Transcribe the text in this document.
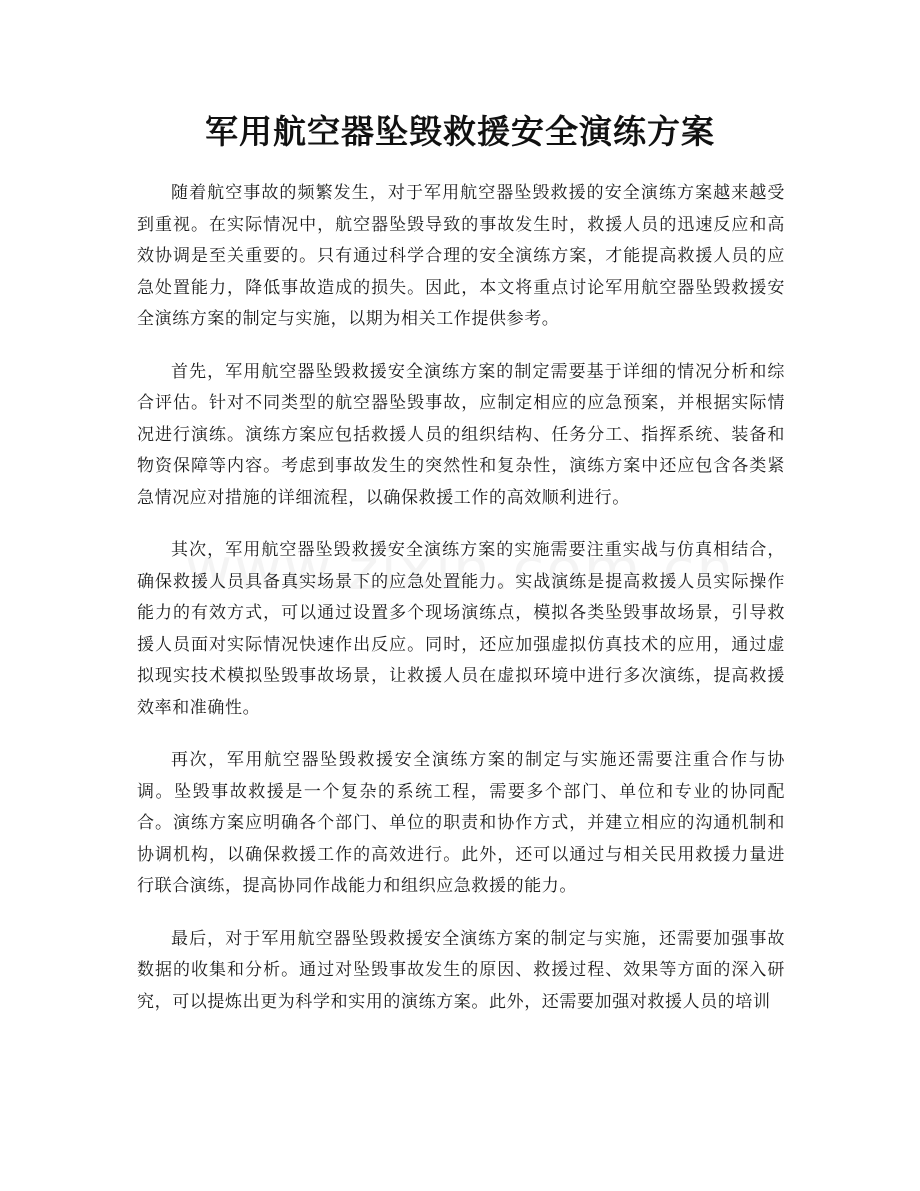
军用航空器坠毁救援安全演练方案

随着航空事故的频繁发生，对于军用航空器坠毁救援的安全演练方案越来越受到重视。在实际情况中，航空器坠毁导致的事故发生时，救援人员的迅速反应和高效协调是至关重要的。只有通过科学合理的安全演练方案，才能提高救援人员的应急处置能力，降低事故造成的损失。因此，本文将重点讨论军用航空器坠毁救援安全演练方案的制定与实施，以期为相关工作提供参考。

首先，军用航空器坠毁救援安全演练方案的制定需要基于详细的情况分析和综合评估。针对不同类型的航空器坠毁事故，应制定相应的应急预案，并根据实际情况进行演练。演练方案应包括救援人员的组织结构、任务分工、指挥系统、装备和物资保障等内容。考虑到事故发生的突然性和复杂性，演练方案中还应包含各类紧急情况应对措施的详细流程，以确保救援工作的高效顺利进行。

其次，军用航空器坠毁救援安全演练方案的实施需要注重实战与仿真相结合，确保救援人员具备真实场景下的应急处置能力。实战演练是提高救援人员实际操作能力的有效方式，可以通过设置多个现场演练点，模拟各类坠毁事故场景，引导救援人员面对实际情况快速作出反应。同时，还应加强虚拟仿真技术的应用，通过虚拟现实技术模拟坠毁事故场景，让救援人员在虚拟环境中进行多次演练，提高救援效率和准确性。

再次，军用航空器坠毁救援安全演练方案的制定与实施还需要注重合作与协调。坠毁事故救援是一个复杂的系统工程，需要多个部门、单位和专业的协同配合。演练方案应明确各个部门、单位的职责和协作方式，并建立相应的沟通机制和协调机构，以确保救援工作的高效进行。此外，还可以通过与相关民用救援力量进行联合演练，提高协同作战能力和组织应急救援的能力。

最后，对于军用航空器坠毁救援安全演练方案的制定与实施，还需要加强事故数据的收集和分析。通过对坠毁事故发生的原因、救援过程、效果等方面的深入研究，可以提炼出更为科学和实用的演练方案。此外，还需要加强对救援人员的培训
